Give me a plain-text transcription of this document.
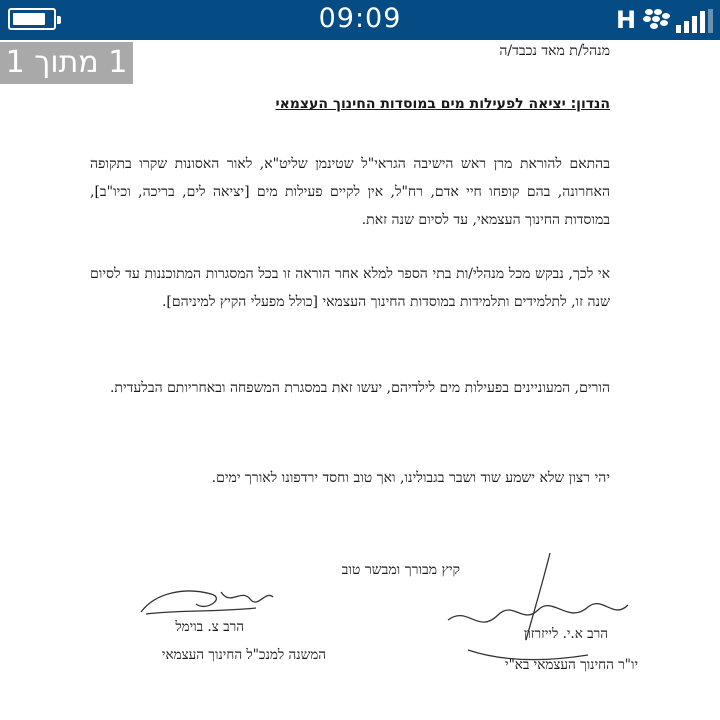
09:09	H
1 מתוך 1	מנהל/ת מאד נכבד/ה
הנדון: יציאה לפעילות מים במוסדות החינוך העצמאי
בהתאם להוראת מרן ראש הישיבה הגראי"ל שטינמן שליט"א, לאור האסונות שקרו בתקופה האחרונה, בהם קופחו חיי אדם, רח"ל, אין לקיים פעילות מים [יציאה לים, בריכה, וכיו"ב], במוסדות החינוך העצמאי, עד לסיום שנה זאת.
אי לכך, נבקש מכל מנהלי/ות בתי הספר למלא אחר הוראה זו בכל המסגרות המתוכננות עד לסיום שנה זו, לתלמידים ותלמידות במוסדות החינוך העצמאי [כולל מפעלי הקיץ למיניהם].
הורים, המעוניינים בפעילות מים לילדיהם, יעשו זאת במסגרת המשפחה ובאחריותם הבלעדית.
יהי רצון שלא ישמע שוד ושבר בגבולינו, ואך טוב וחסד ירדפונו לאורך ימים.
קיץ מבורך ומבשר טוב
הרב א.י. לייזרזון
יו"ר החינוך העצמאי בא"י
הרב צ. בוימל
המשנה למנכ"ל החינוך העצמאי
